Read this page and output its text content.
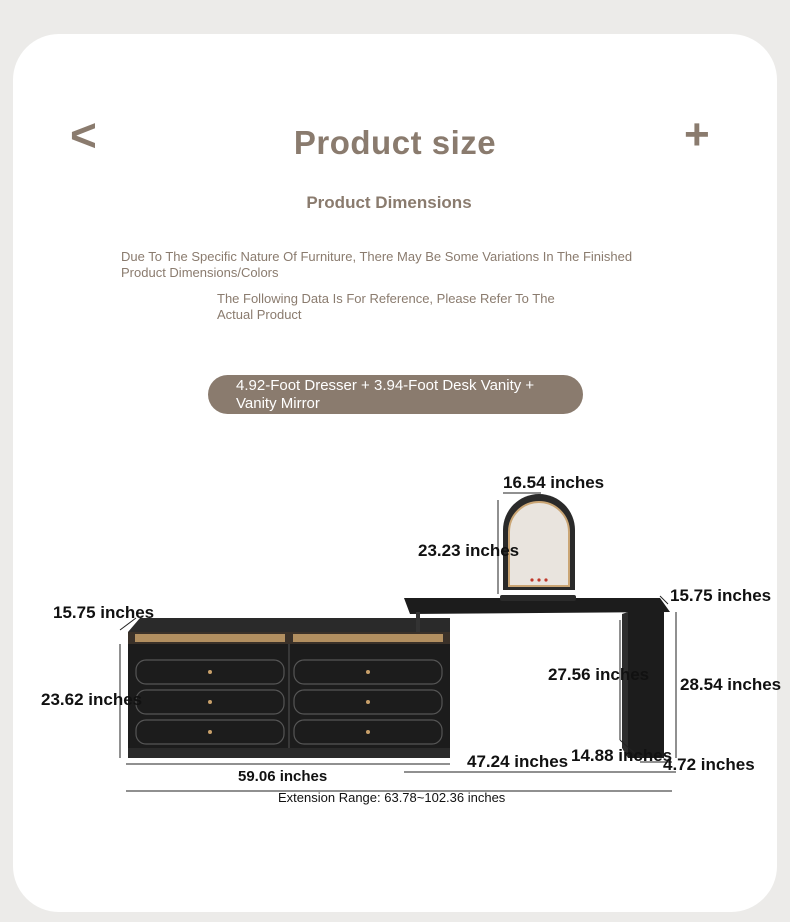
<	+
Product size
Product Dimensions
Due To The Specific Nature Of Furniture, There May Be Some Variations In The Finished Product Dimensions/Colors
The Following Data Is For Reference, Please Refer To The Actual Product
4.92-Foot Dresser + 3.94-Foot Desk Vanity + Vanity Mirror
16.54 inches
23.23 inches
15.75 inches
15.75 inches
23.62 inches
27.56 inches
28.54 inches
47.24 inches 14.88 inches
4.72 inches
59.06 inches
Extension Range: 63.78~102.36 inches
